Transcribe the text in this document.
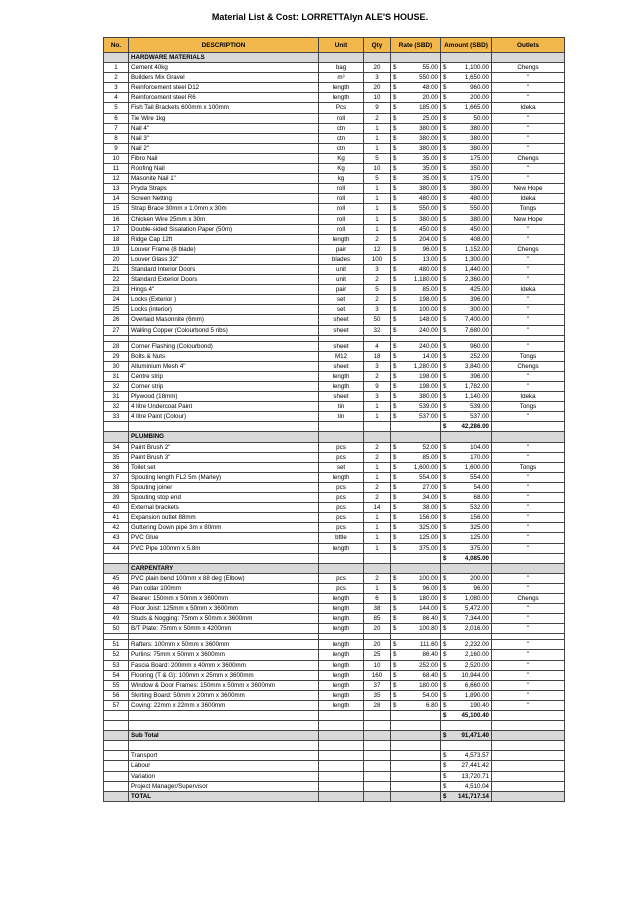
Material List & Cost: LORRETTAlyn ALE'S HOUSE.
No.	DESCRIPTION	Unit	Qty	Rate (SBD)	Amount (SBD)	Outlets
	HARDWARE MATERIALS					
1	Cement 40kg	bag	20	$ 55.00	$ 1,100.00	Chengs
2	Builders Mix Gravel	m³	3	$ 550.00	$ 1,650.00	"
3	Reinforcement steel D12	length	20	$ 48.00	$ 960.00	"
4	Reinforcement steel R6	length	10	$ 20.00	$ 200.00	"
5	Fish Tail Brackets 600mm x 100mm	Pcs	9	$ 185.00	$ 1,665.00	Ideka
6	Tie Wire 1kg	roll	2	$ 25.00	$ 50.00	"
7	Nail 4"	ctn	1	$ 380.00	$ 380.00	"
8	Nail 3"	ctn	1	$ 380.00	$ 380.00	"
9	Nail 2"	ctn	1	$ 380.00	$ 380.00	"
10	Fibro Nail	Kg	5	$ 35.00	$ 175.00	Chengs
11	Roofing Nail	Kg	10	$ 35.00	$ 350.00	"
12	Masonite Nail 1"	kg	5	$ 35.00	$ 175.00	"
13	Pryda Straps	roll	1	$ 380.00	$ 380.00	New Hope
14	Screen Netting	roll	1	$ 480.00	$ 480.00	Ideka
15	Strap Brace 30mm x 1.0mm x 30m	roll	1	$ 550.00	$ 550.00	Tongs
16	Chicken Wire 25mm x 30m	roll	1	$ 380.00	$ 380.00	New Hope
17	Double-sided Sisalation Paper (50m)	roll	1	$ 450.00	$ 450.00	"
18	Ridge Cap 12ft	length	2	$ 204.00	$ 408.00	"
19	Louver Frame (8 blade)	pair	12	$ 96.00	$ 1,152.00	Chengs
20	Louver Glass 32"	blades	100	$ 13.00	$ 1,300.00	"
21	Standard Interior Doors	unit	3	$ 480.00	$ 1,440.00	"
22	Standard Exterior Doors	unit	2	$ 1,180.00	$ 2,360.00	"
23	Hings 4"	pair	5	$ 85.00	$ 425.00	Ideka
24	Locks (Exterior )	set	2	$ 198.00	$ 396.00	"
25	Locks (interior)	set	3	$ 100.00	$ 300.00	"
26	Overlaid Masonnite (6mm)	sheet	50	$ 148.00	$ 7,400.00	"
27	Walling Copper (Colourbond 5 ribs)	sheet	32	$ 240.00	$ 7,680.00	"

28	Corner Flashing (Colourbond)	sheet	4	$ 240.00	$ 960.00	"
29	Bolts & Nuts	M12	18	$ 14.00	$ 252.00	Tongs
30	Alluminium Mesh 4"	sheet	3	$ 1,280.00	$ 3,840.00	Chengs
31	Centre strip	length	2	$ 198.00	$ 396.00	"
32	Corner strip	length	9	$ 198.00	$ 1,782.00	"
31	Plywood (18mm)	sheet	3	$ 380.00	$ 1,140.00	Ideka
32	4 litre Undercoat Paint	tin	1	$ 539.00	$ 539.00	Tongs
33	4 litre Paint (Colour)	tin	1	$ 537.00	$ 537.00	"

					$ 42,286.00	

	PLUMBING					
34	Paint Brush 2"	pcs	2	$ 52.00	$ 104.00	"
35	Paint Brush 3"	pcs	2	$ 85.00	$ 170.00	"
36	Toilet set	set	1	$ 1,600.00	$ 1,600.00	Tongs
37	Spouting length FL2 5m (Marley)	length	1	$ 554.00	$ 554.00	"
38	Spouting joiner	pcs	2	$ 27.00	$ 54.00	"
39	Spouting stop end	pcs	2	$ 34.00	$ 68.00	"
40	External brackets	pcs	14	$ 38.00	$ 532.00	"
41	Expansion outlet 88mm	pcs	1	$ 156.00	$ 156.00	"
42	Guttering Down pipe 3m x 80mm	pcs	1	$ 325.00	$ 325.00	"
43	PVC Glue	bttle	1	$ 125.00	$ 125.00	"
44	PVC Pipe 100mm x 5.8m	length	1	$ 375.00	$ 375.00	"

					$ 4,085.00	

	CARPENTARY					
45	PVC plain bend 100mm x 88 deg (Elbow)	pcs	2	$ 100.00	$ 200.00	"
46	Pan collar 100mm	pcs	1	$ 96.00	$ 96.00	"
47	Bearer: 150mm x 50mm x 3600mm	length	6	$ 180.00	$ 1,080.00	Chengs
48	Floor Joist: 125mm x 50mm x 3600mm	length	38	$ 144.00	$ 5,472.00	"
49	Studs & Nogging: 75mm x 50mm x 3600mm	length	85	$ 86.40	$ 7,344.00	"
50	B/T Plate: 75mm x 50mm x 4200mm	length	20	$ 100.80	$ 2,016.00	"

51	Rafters: 100mm x 50mm x 3600mm	length	20	$ 111.60	$ 2,232.00	"
52	Purlins: 75mm x 50mm x 3600mm	length	25	$ 86.40	$ 2,160.00	"
53	Fascia Board: 200mm x 40mm x 3600mm	length	10	$ 252.00	$ 2,520.00	"
54	Flooring (T & G): 100mm x 25mm x 3600mm	length	160	$ 68.40	$ 10,944.00	"
55	Window & Door Frames: 150mm x 50mm x 3600mm	length	37	$ 180.00	$ 6,660.00	"
56	Skirting Board: 50mm x 20mm x 3600mm	length	35	$ 54.00	$ 1,890.00	"
57	Coving: 22mm x 22mm x 3600mm	length	28	$ 6.80	$ 190.40	"

					$ 45,100.40	

	Sub Total				$ 91,471.40	

	Transport				$ 4,573.57	

	Labour				$ 27,441.42	

	Variation				$ 13,720.71	

	Project Manager/Supervisor				$ 4,510.04	

	TOTAL				$ 141,717.14	
